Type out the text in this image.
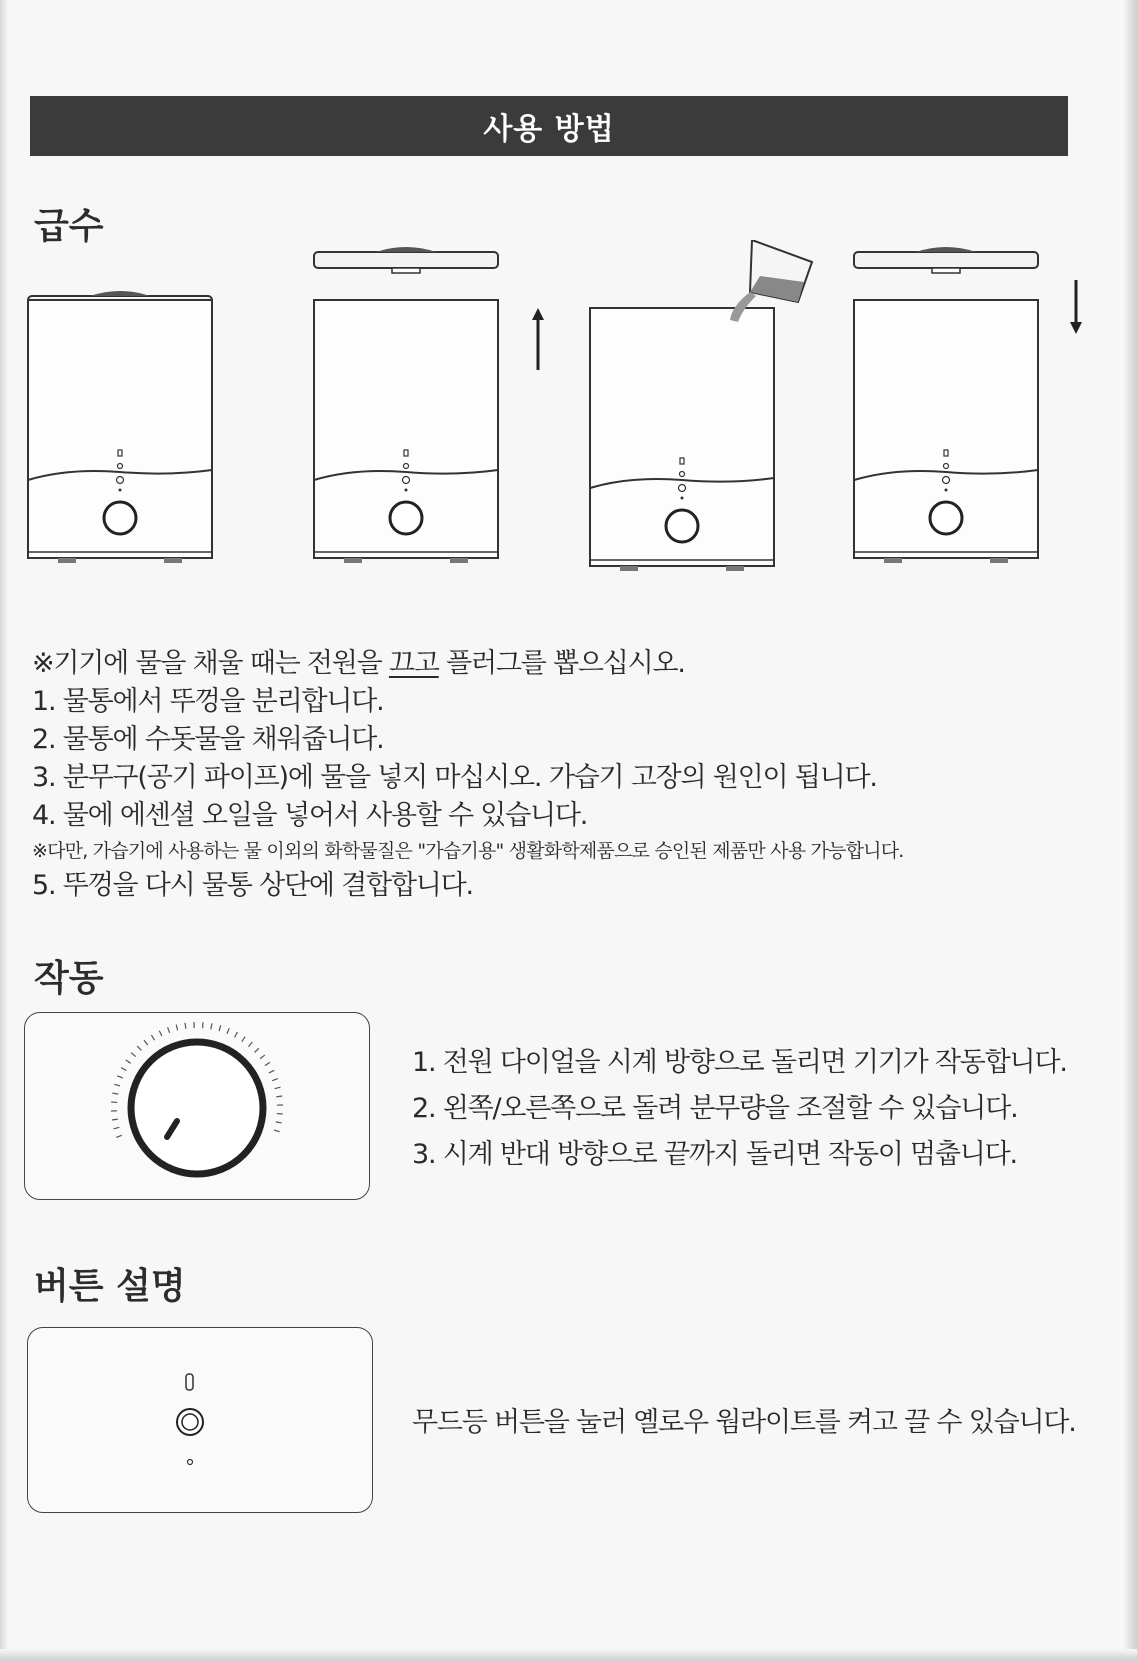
사용 방법
급수
※기기에 물을 채울 때는 전원을 끄고 플러그를 뽑으십시오.
1. 물통에서 뚜껑을 분리합니다.
2. 물통에 수돗물을 채워줍니다.
3. 분무구(공기 파이프)에 물을 넣지 마십시오. 가습기 고장의 원인이 됩니다.
4. 물에 에센셜 오일을 넣어서 사용할 수 있습니다.
※다만, 가습기에 사용하는 물 이외의 화학물질은 "가습기용" 생활화학제품으로 승인된 제품만 사용 가능합니다.
5. 뚜껑을 다시 물통 상단에 결합합니다.
작동
1. 전원 다이얼을 시계 방향으로 돌리면 기기가 작동합니다.
2. 왼쪽/오른쪽으로 돌려 분무량을 조절할 수 있습니다.
3. 시계 반대 방향으로 끝까지 돌리면 작동이 멈춥니다.
버튼 설명
무드등 버튼을 눌러 옐로우 웜라이트를 켜고 끌 수 있습니다.
